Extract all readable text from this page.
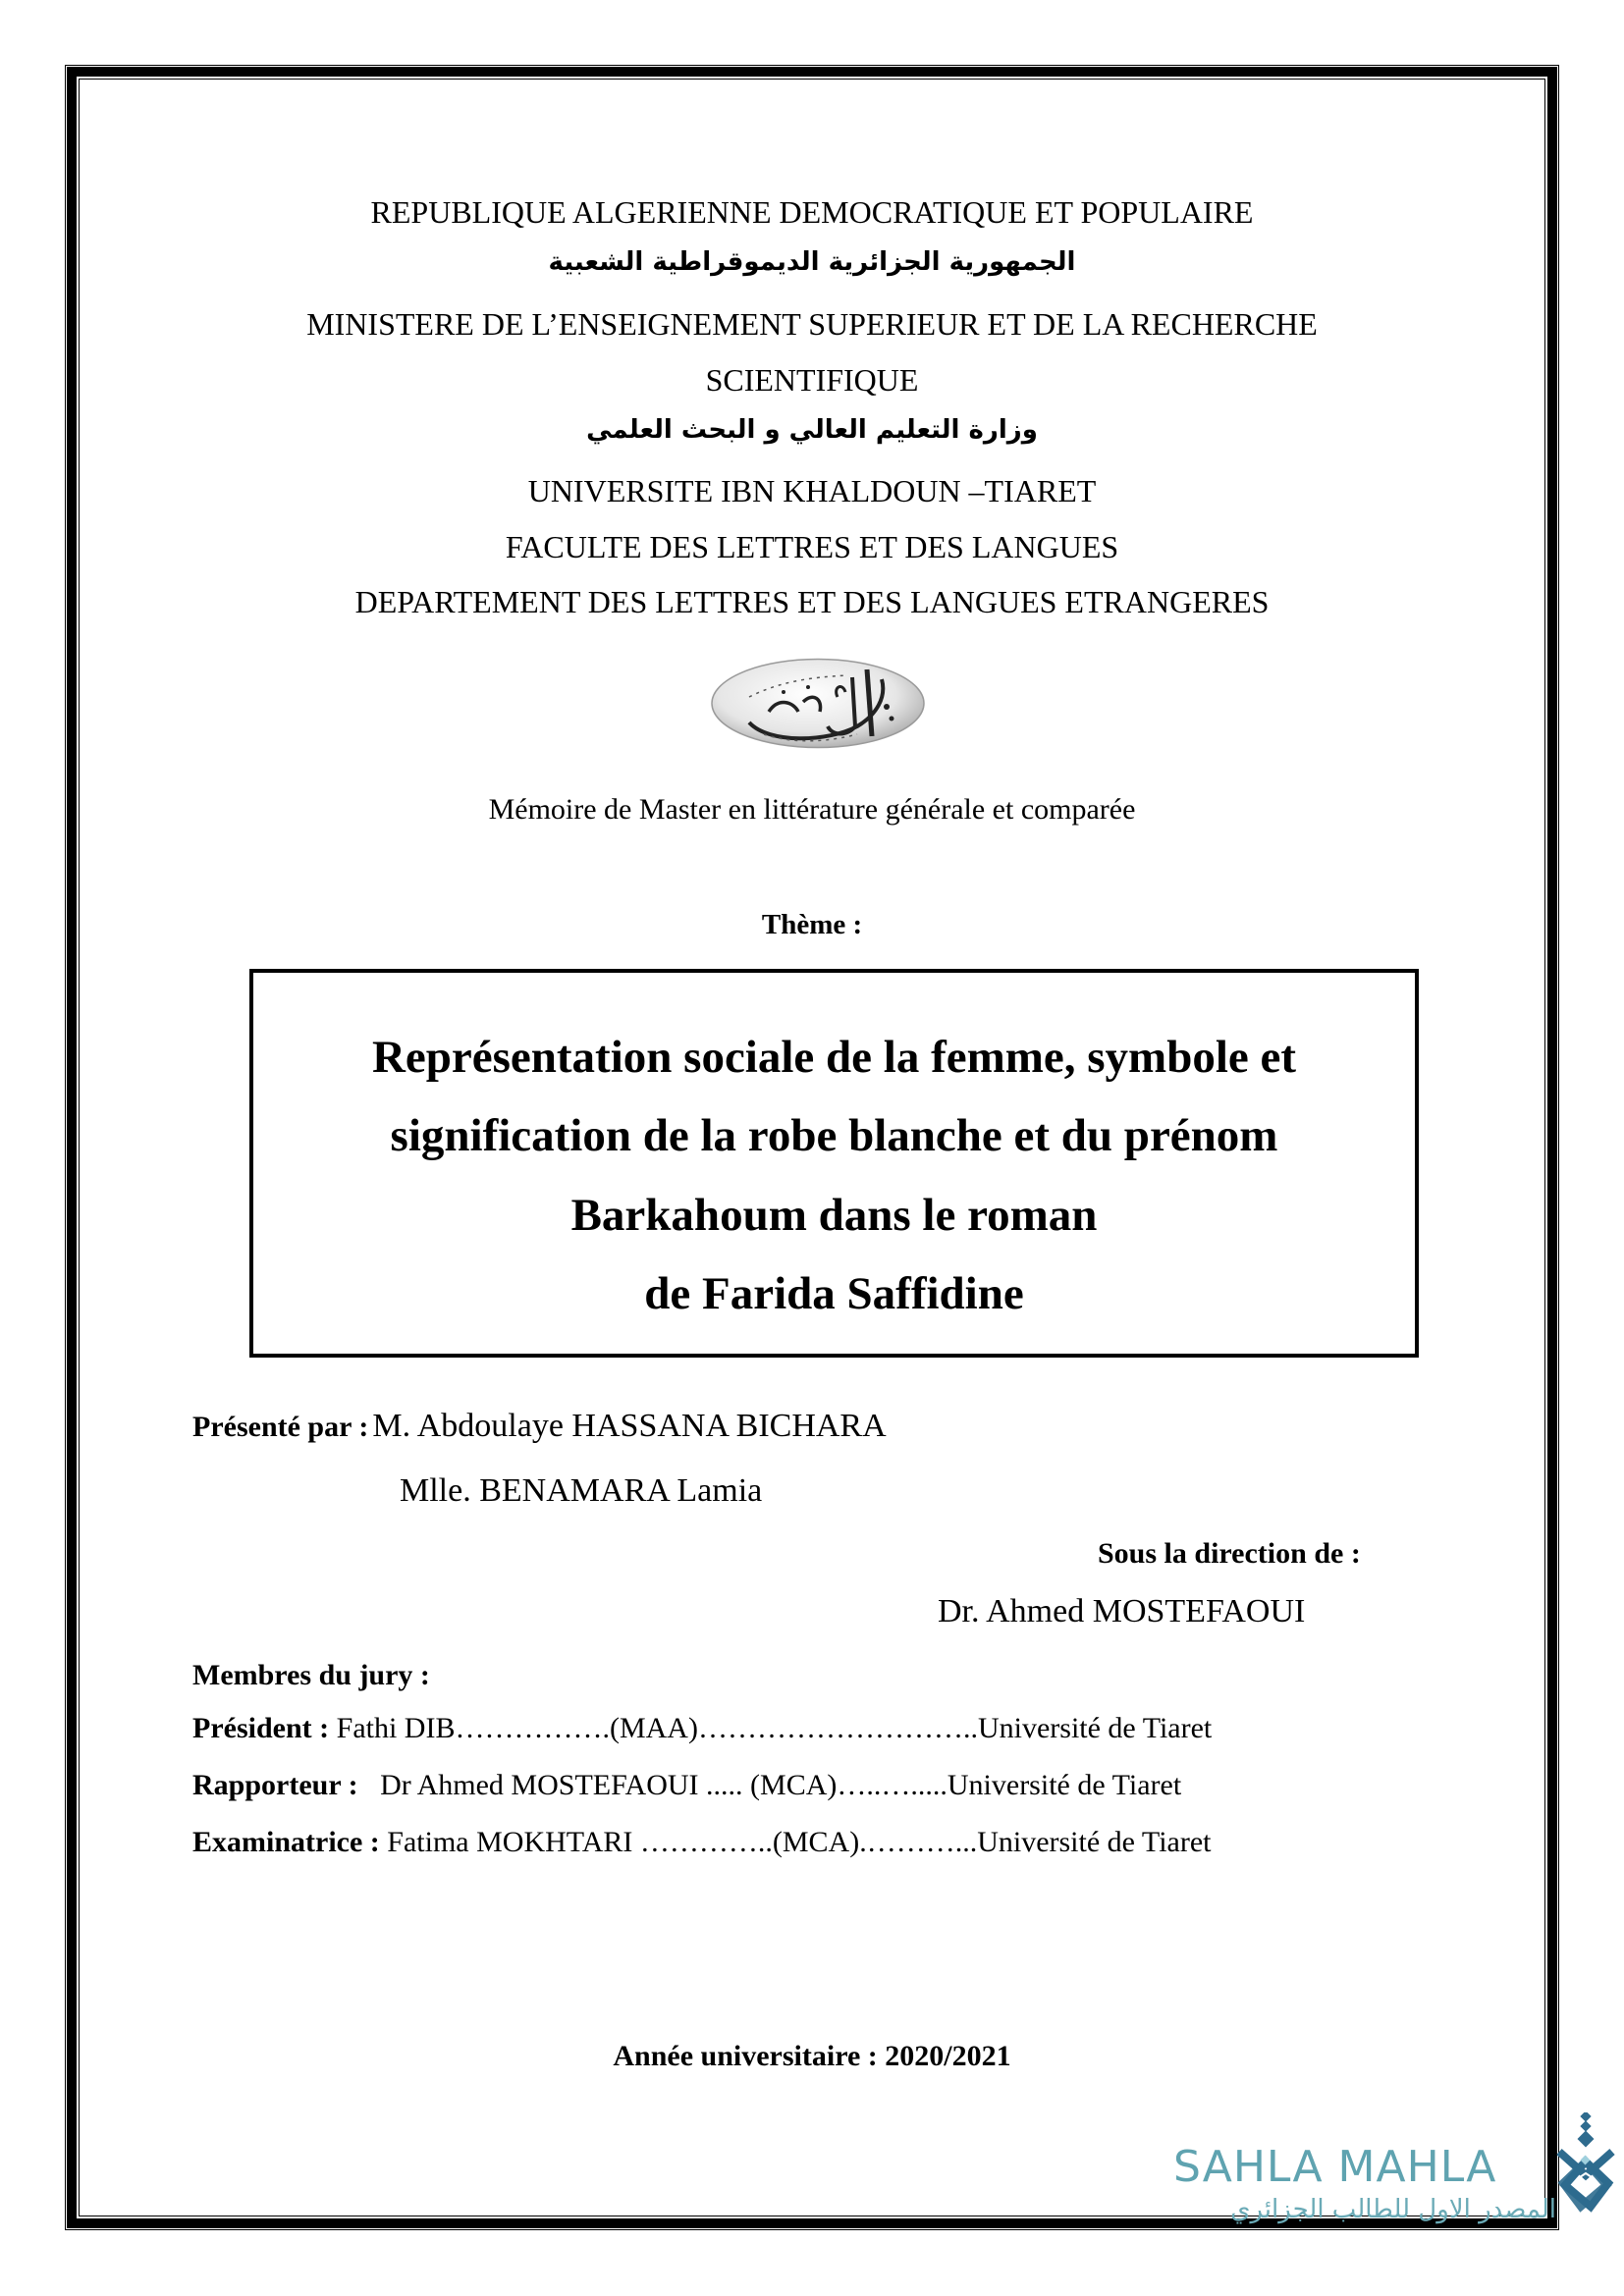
REPUBLIQUE ALGERIENNE DEMOCRATIQUE ET POPULAIRE
الجمهورية الجزائرية الديموقراطية الشعبية
MINISTERE DE L’ENSEIGNEMENT SUPERIEUR ET DE LA RECHERCHE
SCIENTIFIQUE
وزارة التعليم العالي و البحث العلمي
UNIVERSITE IBN KHALDOUN –TIARET
FACULTE DES LETTRES ET DES LANGUES
DEPARTEMENT DES LETTRES ET DES LANGUES ETRANGERES
Mémoire de Master en littérature générale et comparée
Thème :
Représentation sociale de la femme, symbole et
signification de la robe blanche et du prénom
Barkahoum dans le roman
de Farida Saffidine
Présenté par : M. Abdoulaye HASSANA BICHARA
Mlle. BENAMARA Lamia
Sous la direction de :
Dr. Ahmed MOSTEFAOUI
Membres du jury :
Président : Fathi DIB…………….(MAA)………………………..Université de Tiaret
Rapporteur :   Dr Ahmed MOSTEFAOUI ..... (MCA)…..….....Université de Tiaret
Examinatrice : Fatima MOKHTARI …………..(MCA).………...Université de Tiaret
Année universitaire : 2020/2021
SAHLA MAHLA
المصدر الاول للطالب الجزائري
